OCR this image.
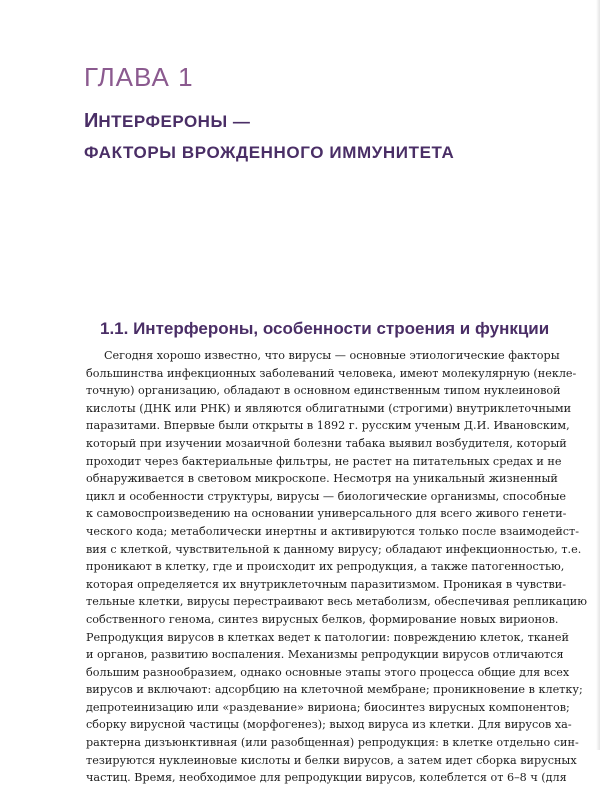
ГЛАВА 1
ИНТЕРФЕРОНЫ —
ФАКТОРЫ ВРОЖДЕННОГО ИММУНИТЕТА
1.1. Интерфероны, особенности строения и функции
Сегодня хорошо известно, что вирусы — основные этиологические факторы
большинства инфекционных заболеваний человека, имеют молекулярную (некле-
точную) организацию, обладают в основном единственным типом нуклеиновой
кислоты (ДНК или РНК) и являются облигатными (строгими) внутриклеточными
паразитами. Впервые были открыты в 1892 г. русским ученым Д.И. Ивановским,
который при изучении мозаичной болезни табака выявил возбудителя, который
проходит через бактериальные фильтры, не растет на питательных средах и не
обнаруживается в световом микроскопе. Несмотря на уникальный жизненный
цикл и особенности структуры, вирусы — биологические организмы, способные
к самовоспроизведению на основании универсального для всего живого генети-
ческого кода; метаболически инертны и активируются только после взаимодейст-
вия с клеткой, чувствительной к данному вирусу; обладают инфекционностью, т.е.
проникают в клетку, где и происходит их репродукция, а также патогенностью,
которая определяется их внутриклеточным паразитизмом. Проникая в чувстви-
тельные клетки, вирусы перестраивают весь метаболизм, обеспечивая репликацию
собственного генома, синтез вирусных белков, формирование новых вирионов.
Репродукция вирусов в клетках ведет к патологии: повреждению клеток, тканей
и органов, развитию воспаления. Механизмы репродукции вирусов отличаются
большим разнообразием, однако основные этапы этого процесса общие для всех
вирусов и включают: адсорбцию на клеточной мембране; проникновение в клетку;
депротеинизацию или «раздевание» вириона; биосинтез вирусных компонентов;
сборку вирусной частицы (морфогенез); выход вируса из клетки. Для вирусов ха-
рактерна дизъюнктивная (или разобщенная) репродукция: в клетке отдельно син-
тезируются нуклеиновые кислоты и белки вирусов, а затем идет сборка вирусных
частиц. Время, необходимое для репродукции вирусов, колеблется от 6–8 ч (для
